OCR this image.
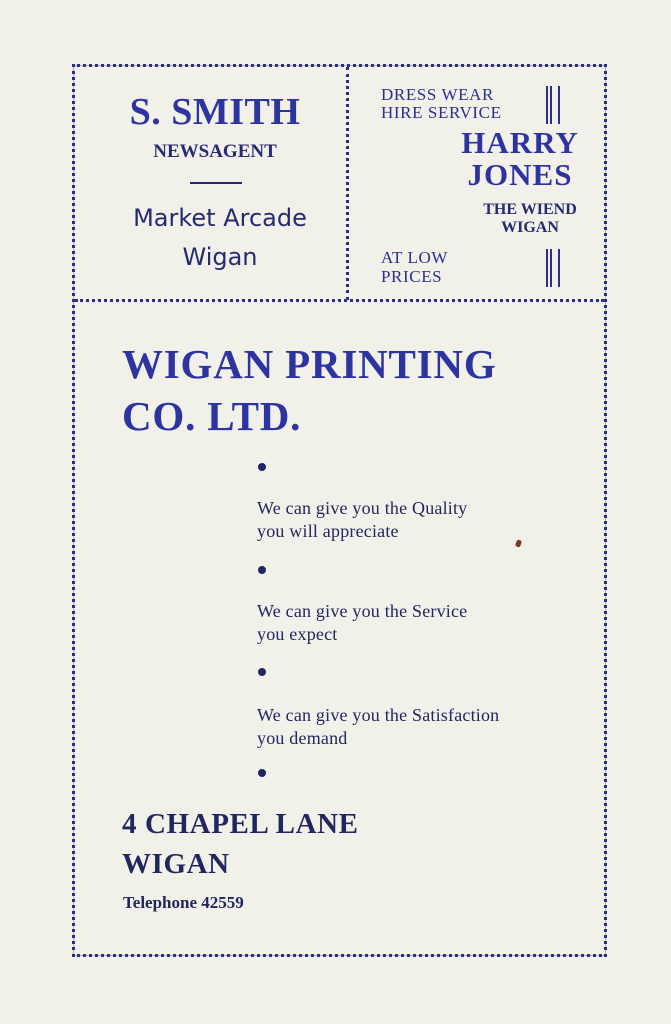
S. SMITH
NEWSAGENT
Market Arcade
Wigan
DRESS WEAR
HIRE SERVICE
HARRY
JONES
THE WIEND
WIGAN
AT LOW
PRICES
WIGAN PRINTING
CO. LTD.
We can give you the Quality
you will appreciate
We can give you the Service
you expect
We can give you the Satisfaction
you demand
4 CHAPEL LANE
WIGAN
Telephone 42559
